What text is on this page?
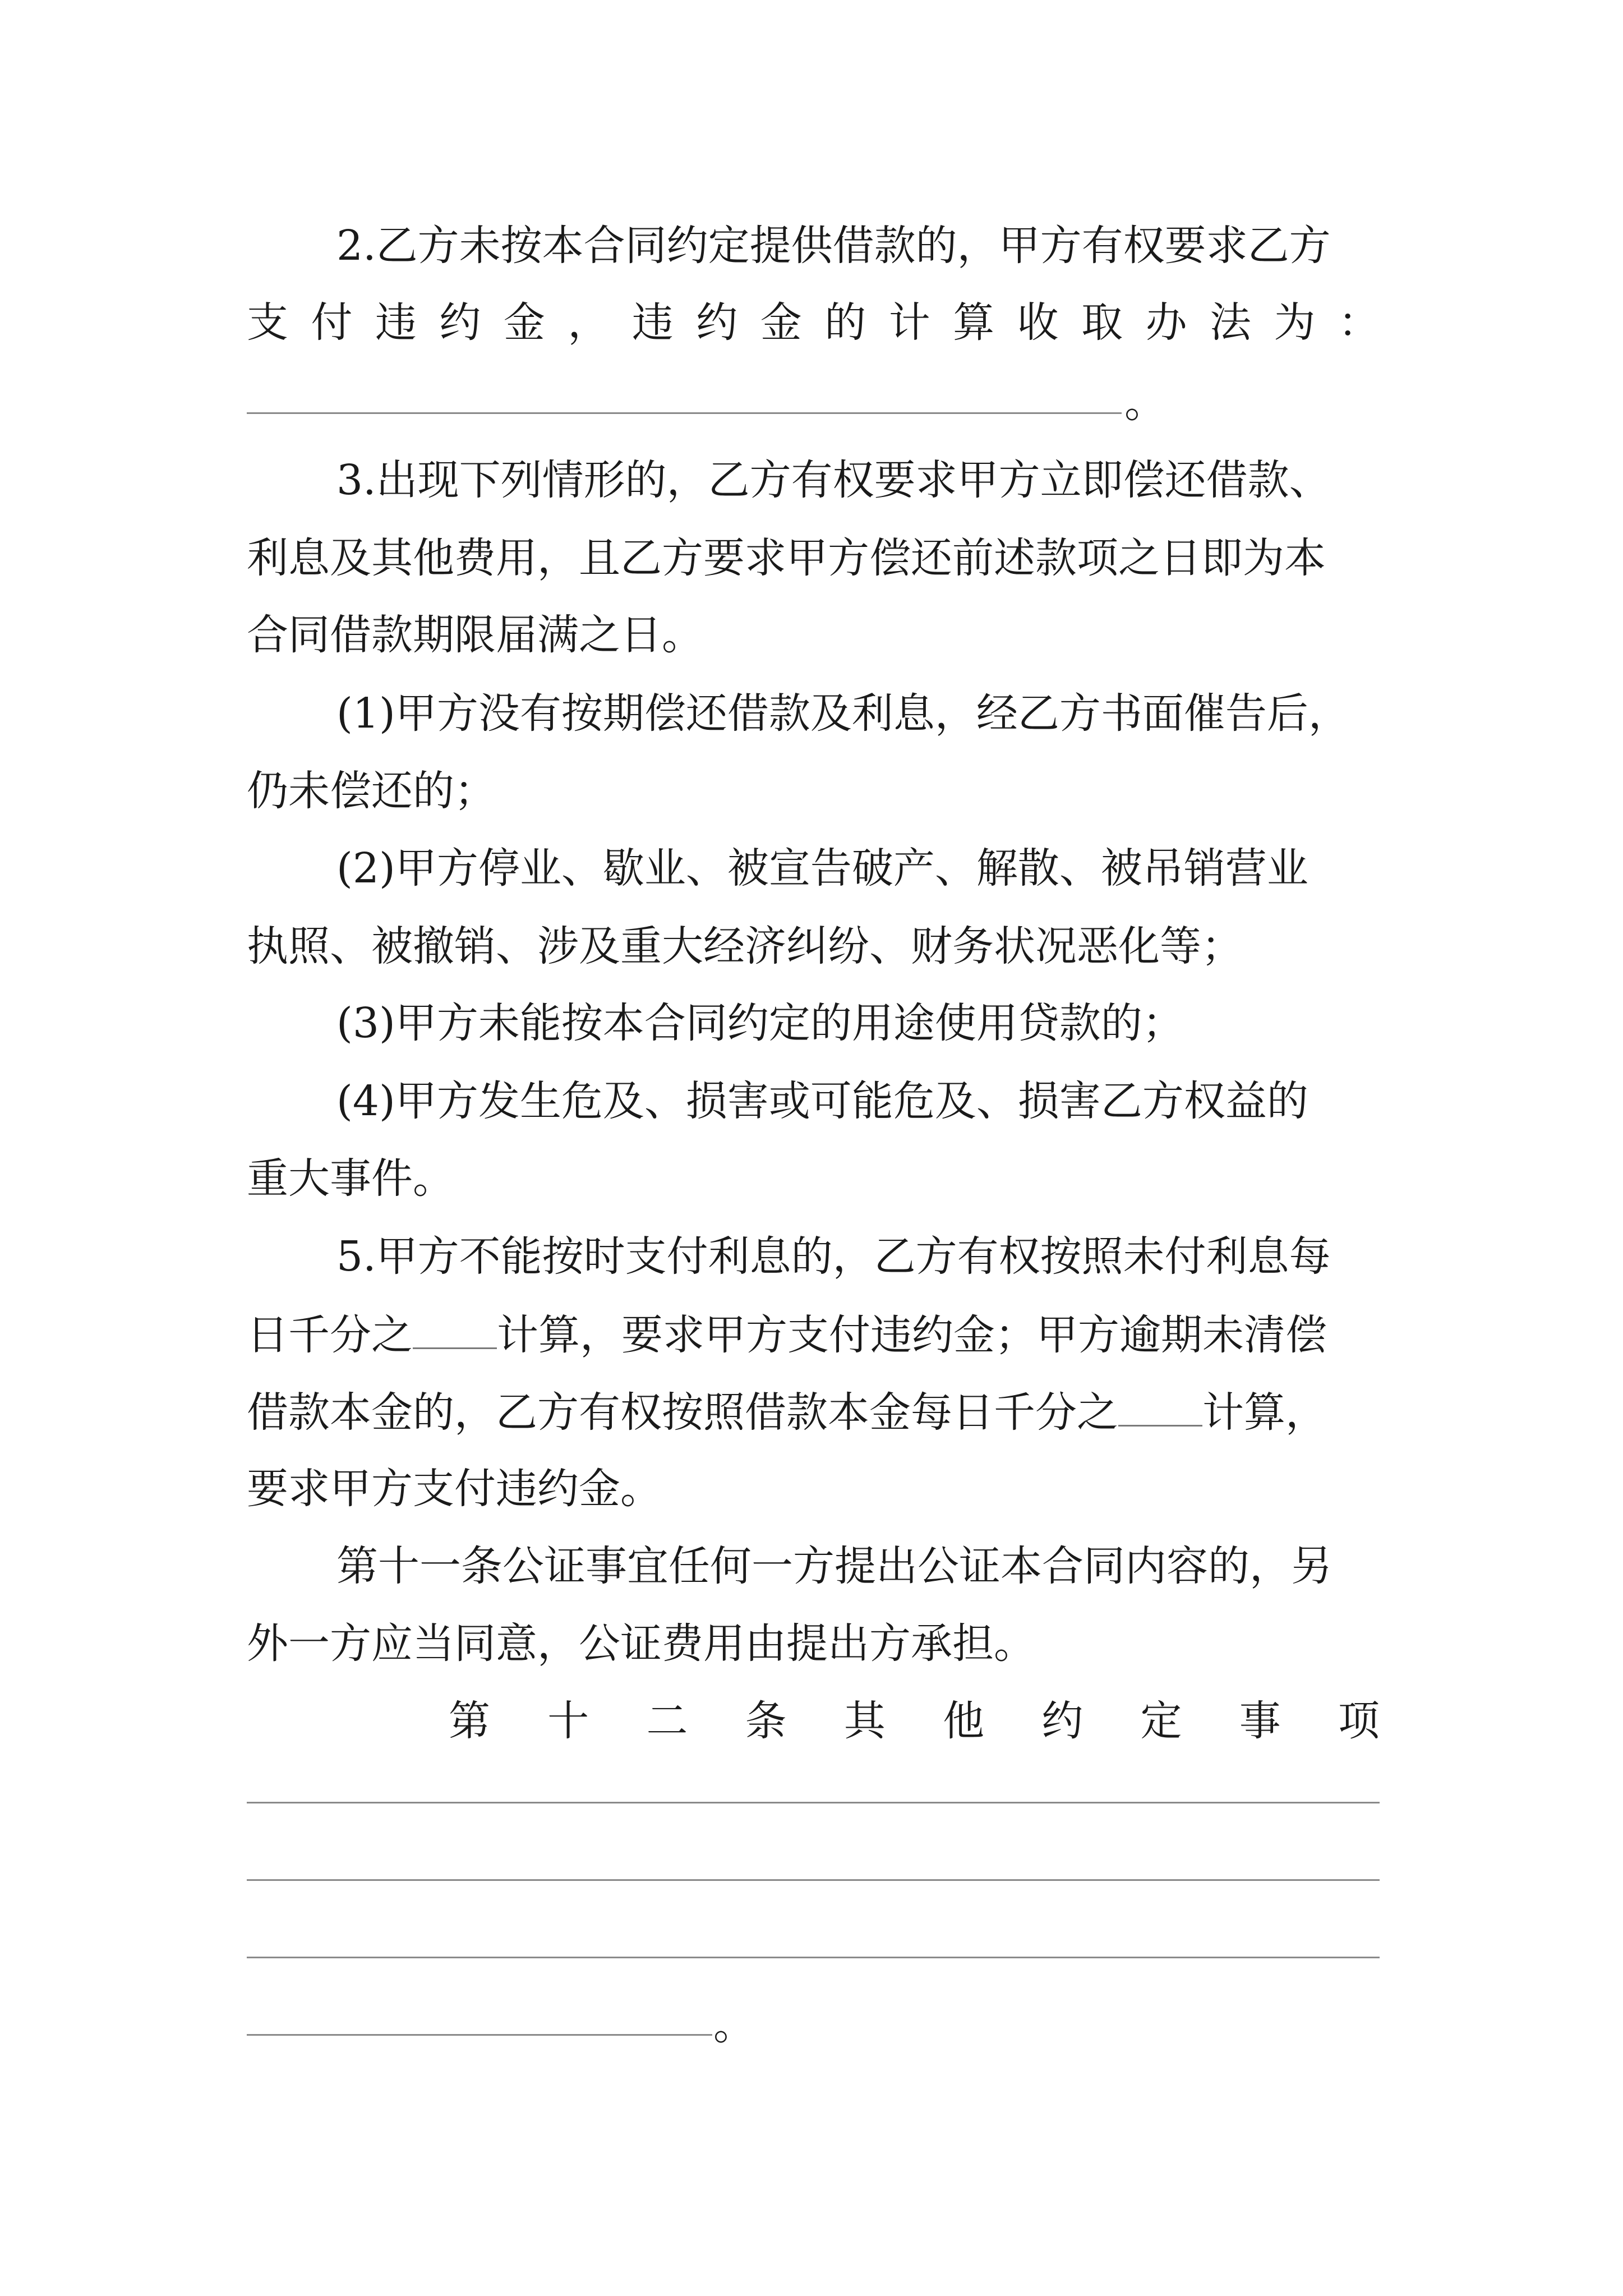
2.乙方未按本合同约定提供借款的，甲方有权要求乙方
支 付 违 约 金 ， 违 约 金 的 计 算 收 取 办 法 为 ：
。
3.出现下列情形的，乙方有权要求甲方立即偿还借款、
利息及其他费用，且乙方要求甲方偿还前述款项之日即为本
合同借款期限届满之日。
(1)甲方没有按期偿还借款及利息，经乙方书面催告后，
仍未偿还的；
(2)甲方停业、歇业、被宣告破产、解散、被吊销营业
执照、被撤销、涉及重大经济纠纷、财务状况恶化等；
(3)甲方未能按本合同约定的用途使用贷款的；
(4)甲方发生危及、损害或可能危及、损害乙方权益的
重大事件。
5.甲方不能按时支付利息的，乙方有权按照未付利息每
日千分之 计算，要求甲方支付违约金；甲方逾期未清偿
借款本金的，乙方有权按照借款本金每日千分之 计算，
要求甲方支付违约金。
第十一条公证事宜任何一方提出公证本合同内容的，另
外一方应当同意，公证费用由提出方承担。
第 十 二 条 其 他 约 定 事 项
。
